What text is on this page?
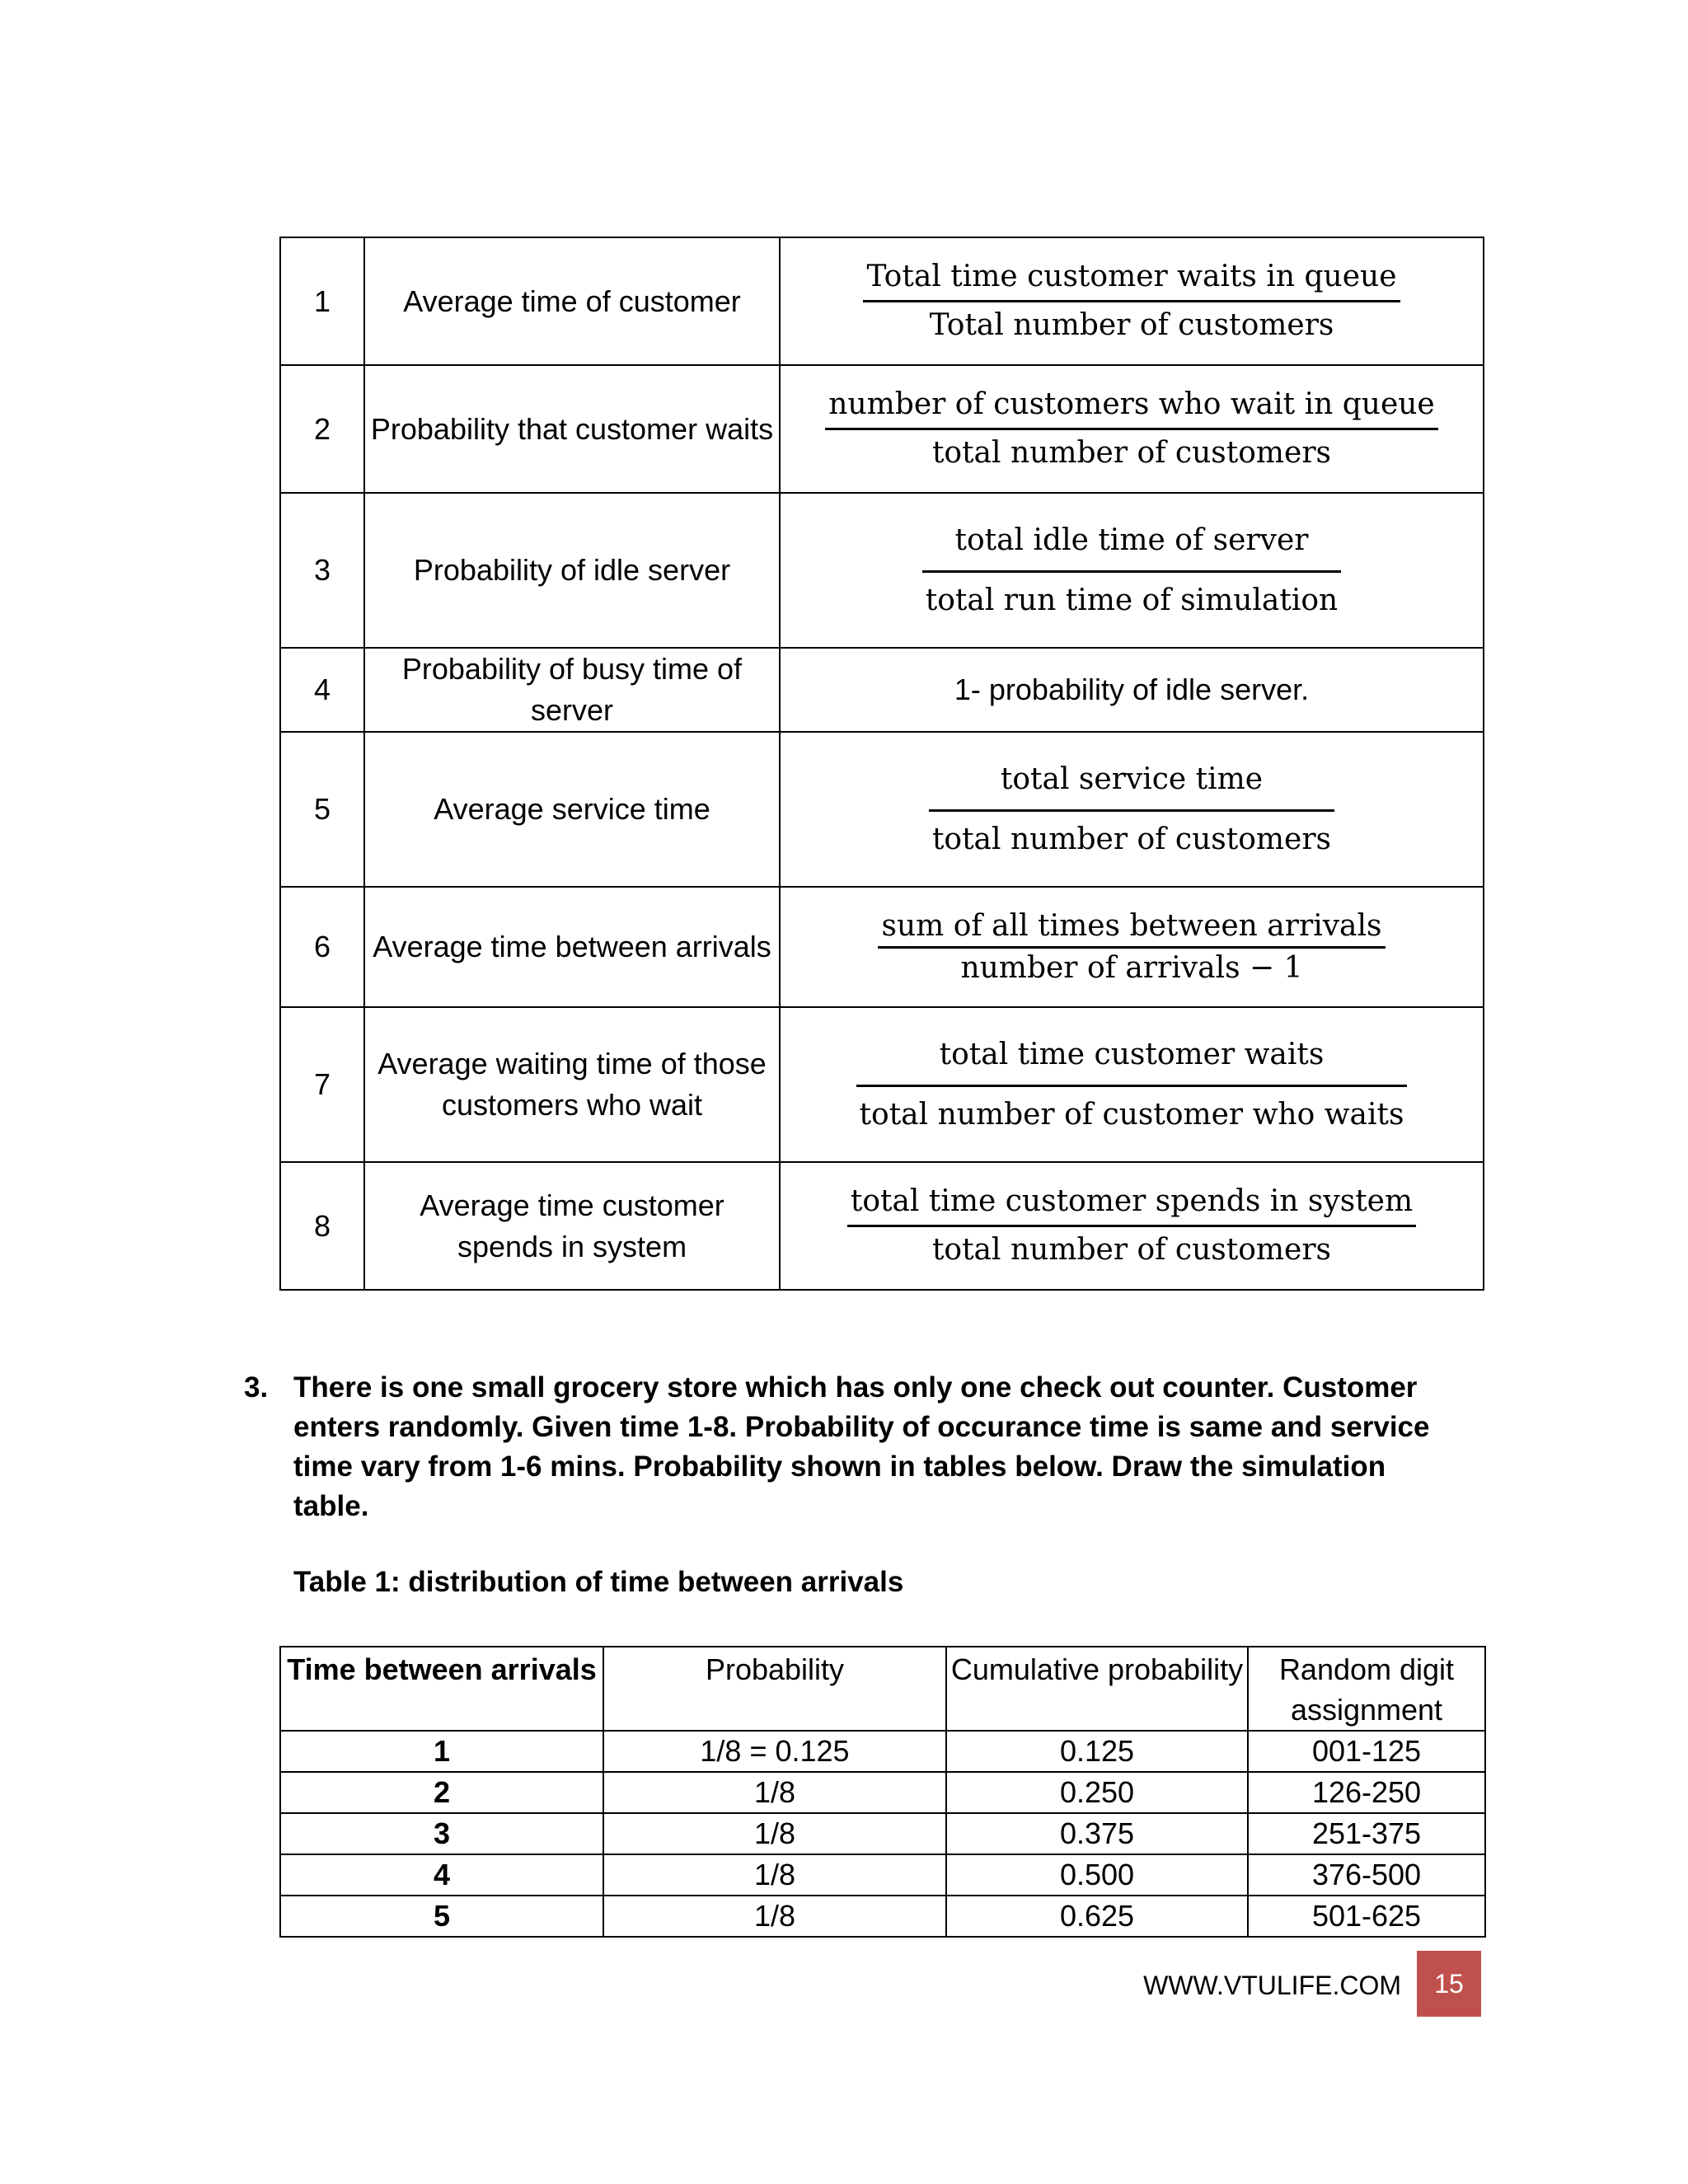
1	Average time of customer	$\frac{\text{Total time customer waits in queue}}{\text{Total number of customers}}$

2	Probability that customer waits	$\frac{\text{number of customers who wait in queue}}{\text{total number of customers}}$

3	Probability of idle server	$\frac{\text{total idle time of server}}{\text{total run time of simulation}}$

4	Probability of busy time of server	1- probability of idle server.
5	Average service time	$\frac{\text{total service time}}{\text{total number of customers}}$

6	Average time between arrivals	$\frac{\text{sum of all times between arrivals}}{\text{number of arrivals − 1}}$

7	Average waiting time of those customers who wait	$\frac{\text{total time customer waits}}{\text{total number of customer who waits}}$

8	Average time customer spends in system	$\frac{\text{total time customer spends in system}}{\text{total number of customers}}$
3. There is one small grocery store which has only one check out counter. Customer enters randomly. Given time 1-8. Probability of occurance time is same and service time vary from 1-6 mins. Probability shown in tables below. Draw the simulation table.
Table 1: distribution of time between arrivals
Time between arrivals	Probability	Cumulative probability	Random digit assignment
1	1/8 = 0.125	0.125	001-125
2	1/8	0.250	126-250
3	1/8	0.375	251-375
4	1/8	0.500	376-500
5	1/8	0.625	501-625
WWW.VTULIFE.COM	15
